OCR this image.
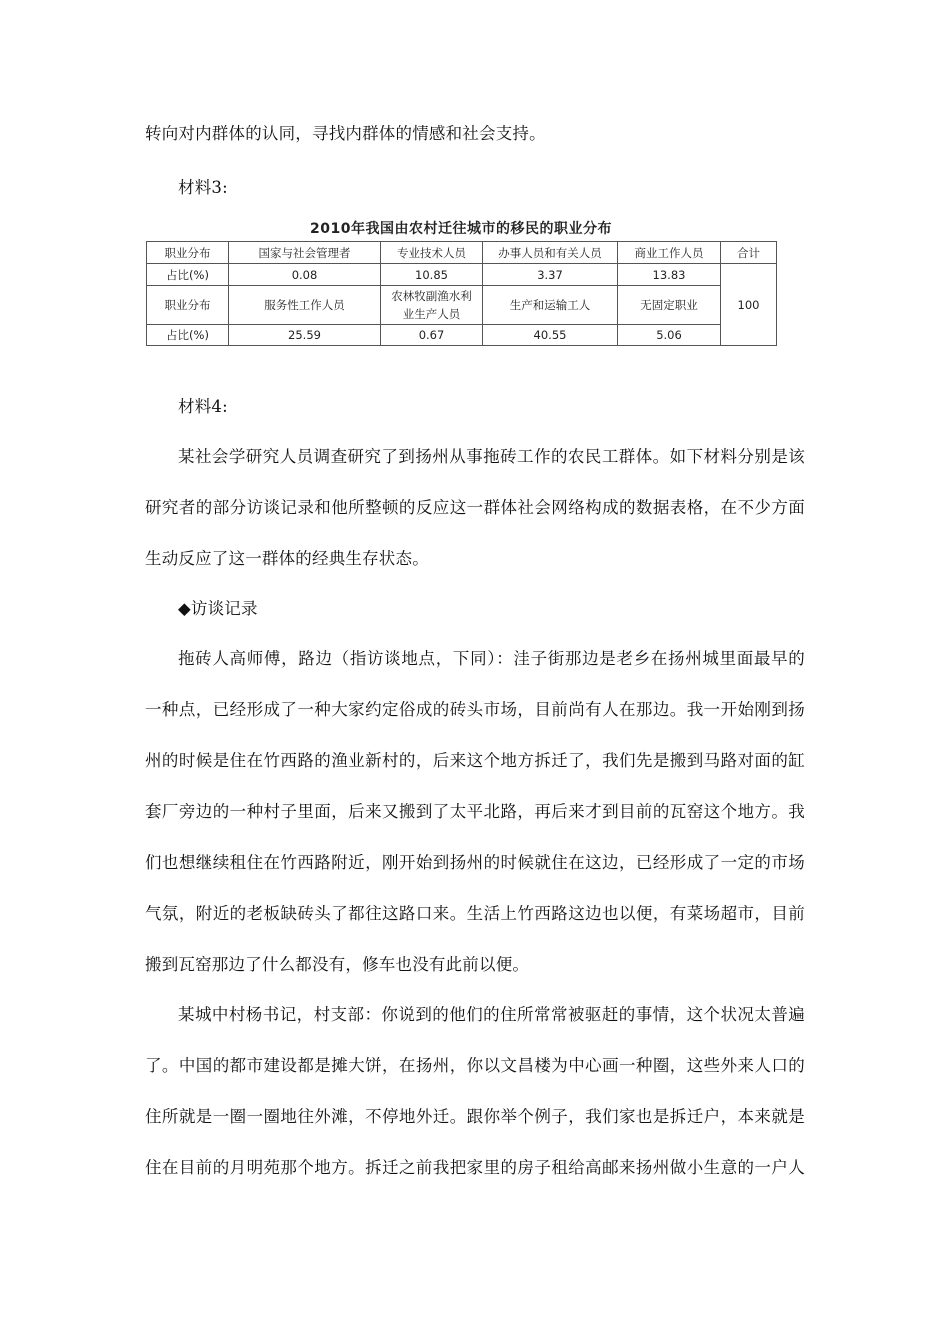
转向对内群体的认同，寻找内群体的情感和社会支持。
材料3:
2010年我国由农村迁往城市的移民的职业分布
职业分布	国家与社会管理者	专业技术人员	办事人员和有关人员	商业工作人员	合计
占比(%)	0.08	10.85	3.37	13.83	100
职业分布	服务性工作人员	农林牧副渔水利业生产人员	生产和运输工人	无固定职业	
占比(%)	25.59	0.67	40.55	5.06	
材料4:
某社会学研究人员调查研究了到扬州从事拖砖工作的农民工群体。如下材料分别是该
研究者的部分访谈记录和他所整顿的反应这一群体社会网络构成的数据表格，在不少方面
生动反应了这一群体的经典生存状态。
◆访谈记录
拖砖人高师傅，路边（指访谈地点，下同）：洼子街那边是老乡在扬州城里面最早的
一种点，已经形成了一种大家约定俗成的砖头市场，目前尚有人在那边。我一开始刚到扬
州的时候是住在竹西路的渔业新村的，后来这个地方拆迁了，我们先是搬到马路对面的缸
套厂旁边的一种村子里面，后来又搬到了太平北路，再后来才到目前的瓦窑这个地方。我
们也想继续租住在竹西路附近，刚开始到扬州的时候就住在这边，已经形成了一定的市场
气氛，附近的老板缺砖头了都往这路口来。生活上竹西路这边也以便，有菜场超市，目前
搬到瓦窑那边了什么都没有，修车也没有此前以便。
某城中村杨书记，村支部：你说到的他们的住所常常被驱赶的事情，这个状况太普遍
了。中国的都市建设都是摊大饼，在扬州，你以文昌楼为中心画一种圈，这些外来人口的
住所就是一圈一圈地往外滩，不停地外迁。跟你举个例子，我们家也是拆迁户，本来就是
住在目前的月明苑那个地方。拆迁之前我把家里的房子租给高邮来扬州做小生意的一户人
